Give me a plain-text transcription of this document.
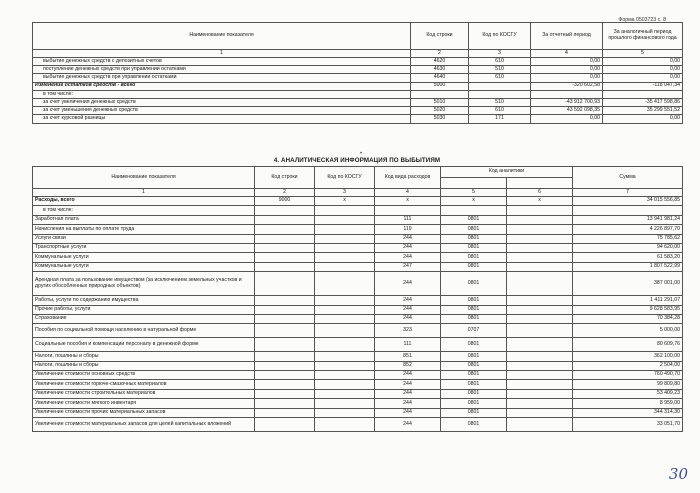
Форма 0503723 с. 8
Наименование показателя	Код строки	Код по КОСГУ	За отчетный период	За аналогичный период прошлого финансового года
1	2	3	4	5
выбытие денежных средств с депозитных счетов	4620	610	0,00	0,00
поступление денежных средств при управлении остатками	4630	510	0,00	0,00
выбытие денежных средств при управлении остатками	4640	610	0,00	0,00
Изменение остатков средств - всего	5000		-320 602,58	-118 047,34
в том числе:				
за счет увеличения денежных средств	5010	510	-43 912 700,93	-35 417 598,86
за счет уменьшения денежных средств	5020	610	43 592 098,35	35 299 551,52
за счет курсовой разницы	5030	171	0,00	0,00
•
4. АНАЛИТИЧЕСКАЯ ИНФОРМАЦИЯ ПО ВЫБЫТИЯМ
Наименование показателя	Код строки	Код по КОСГУ	Код вида расходов	Код аналитики		Сумма

1	2	3	4	5	6	7
Расходы, всего	9000	x	x	x	x	34 015 556,85
в том числе:						
Заработная плата			111	0801		13 941 981,24
Начисления на выплаты по оплате труда			119	0801		4 226 897,70
Услуги связи			244	0801		75 785,62
Транспортные услуги			244	0801		94 620,00
Коммунальные услуги			244	0801		61 583,20
Коммунальные услуги			247	0801		1 807 522,99
Арендная плата за пользование имуществом (за исключением земельных участков и других обособленных природных объектов)			244	0801		387 001,00
Работы, услуги по содержанию имущества			244	0801		1 411 291,07
Прочие работы, услуги			244	0801		9 628 583,95
Страхование			244	0801		70 384,28
Пособия по социальной помощи населению в натуральной форме			323	0707		5 000,00
Социальные пособия и компенсации персоналу в денежной форме			111	0801		80 609,76
Налоги, пошлины и сборы			851	0801		362 100,00
Налоги, пошлины и сборы			852	0801		2 504,00
Увеличение стоимости основных средств			244	0801		760 490,70
Увеличение стоимости горюче-смазочных материалов			244	0801		99 809,80
Увеличение стоимости строительных материалов			244	0801		53 409,23
Увеличение стоимости мягкого инвентаря			244	0801		8 959,00
Увеличение стоимости прочих материальных запасов			244	0801		344 314,30
Увеличение стоимости материальных запасов для целей капитальных вложений			244	0801		33 051,70
30
